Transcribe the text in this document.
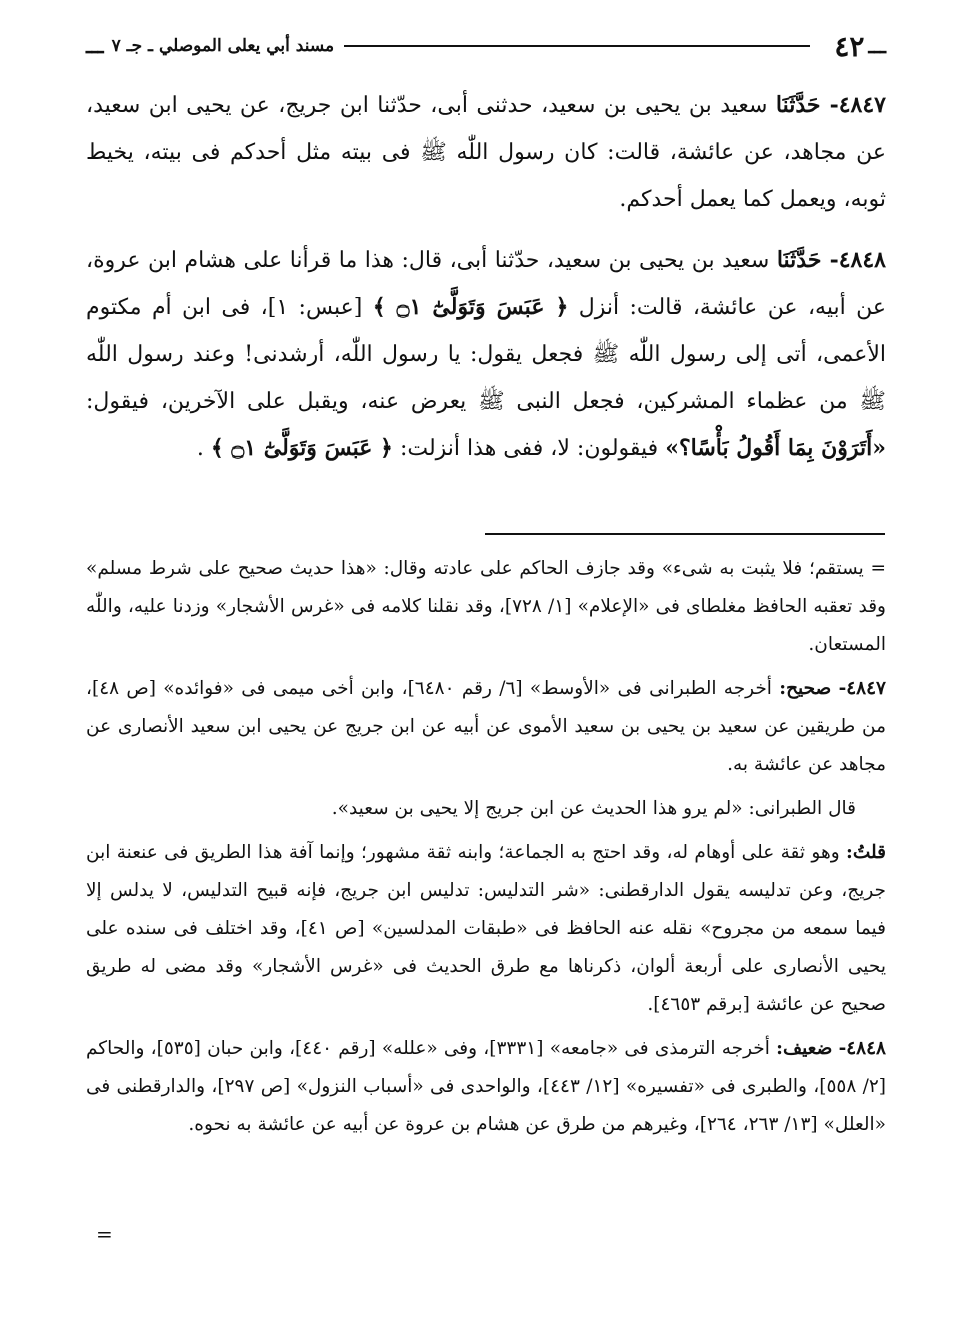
ـــ
٤٢
مسند أبي يعلى الموصلي ـ جـ ٧
ـــ

٤٨٤٧- حَدَّثَنَا سعيد بن يحيى بن سعيد، حدثنى أبى، حدّثنا ابن جريج، عن يحيى ابن سعيد، عن مجاهد، عن عائشة، قالت: كان رسول اللّٰه ﷺ فى بيته مثل أحدكم فى بيته، يخيط ثوبه، ويعمل كما يعمل أحدكم.

٤٨٤٨- حَدَّثَنَا سعيد بن يحيى بن سعيد، حدّثنا أبى، قال: هذا ما قرأنا على هشام ابن عروة، عن أبيه، عن عائشة، قالت: أنزل ﴿ عَبَسَ وَتَوَلَّىٰٓ ۝١ ﴾ [عبس: ١]، فى ابن أم مكتوم الأعمى، أتى إلى رسول اللّٰه ﷺ فجعل يقول: يا رسول اللّٰه، أرشدنى! وعند رسول اللّٰه ﷺ من عظماء المشركين، فجعل النبى ﷺ يعرض عنه، ويقبل على الآخرين، فيقول: «أَتَرَوْنَ بِمَا أَقُولُ بَأْسًا؟» فيقولون: لا، ففى هذا أنزلت: ﴿ عَبَسَ وَتَوَلَّىٰٓ ۝١ ﴾ .

= يستقم؛ فلا يثبت به شىء» وقد جازف الحاكم على عادته وقال: «هذا حديث صحيح على شرط مسلم» وقد تعقبه الحافظ مغلطاى فى «الإعلام» [١/ ٧٢٨]، وقد نقلنا كلامه فى «غرس الأشجار» وزدنا عليه، واللّٰه المستعان.

٤٨٤٧- صحيح: أخرجه الطبرانى فى «الأوسط» [٦/ رقم ٦٤٨٠]، وابن أخى ميمى فى «فوائده» [ص ٤٨]، من طريقين عن سعيد بن يحيى بن سعيد الأموى عن أبيه عن ابن جريج عن يحيى ابن سعيد الأنصارى عن مجاهد عن عائشة به.

قال الطبرانى: «لم يرو هذا الحديث عن ابن جريج إلا يحيى بن سعيد».

قلتُ: وهو ثقة على أوهام له، وقد احتج به الجماعة؛ وابنه ثقة مشهور؛ وإنما آفة هذا الطريق فى عنعنة ابن جريج، وعن تدليسه يقول الدارقطنى: «شر التدليس: تدليس ابن جريج، فإنه قبيح التدليس، لا يدلس إلا فيما سمعه من مجروح» نقله عنه الحافظ فى «طبقات المدلسين» [ص ٤١]، وقد اختلف فى سنده على يحيى الأنصارى على أربعة ألوان، ذكرناها مع طرق الحديث فى «غرس الأشجار» وقد مضى له طريق صحيح عن عائشة [برقم ٤٦٥٣].

٤٨٤٨- ضعيف: أخرجه الترمذى فى «جامعه» [٣٣٣١]، وفى «علله» [رقم ٤٤٠]، وابن حبان [٥٣٥]، والحاكم [٢/ ٥٥٨]، والطبرى فى «تفسيره» [١٢/ ٤٤٣]، والواحدى فى «أسباب النزول» [ص ٢٩٧]، والدارقطنى فى «العلل» [١٣/ ٢٦٣، ٢٦٤]، وغيرهم من طرق عن هشام بن عروة عن أبيه عن عائشة به نحوه.

=
